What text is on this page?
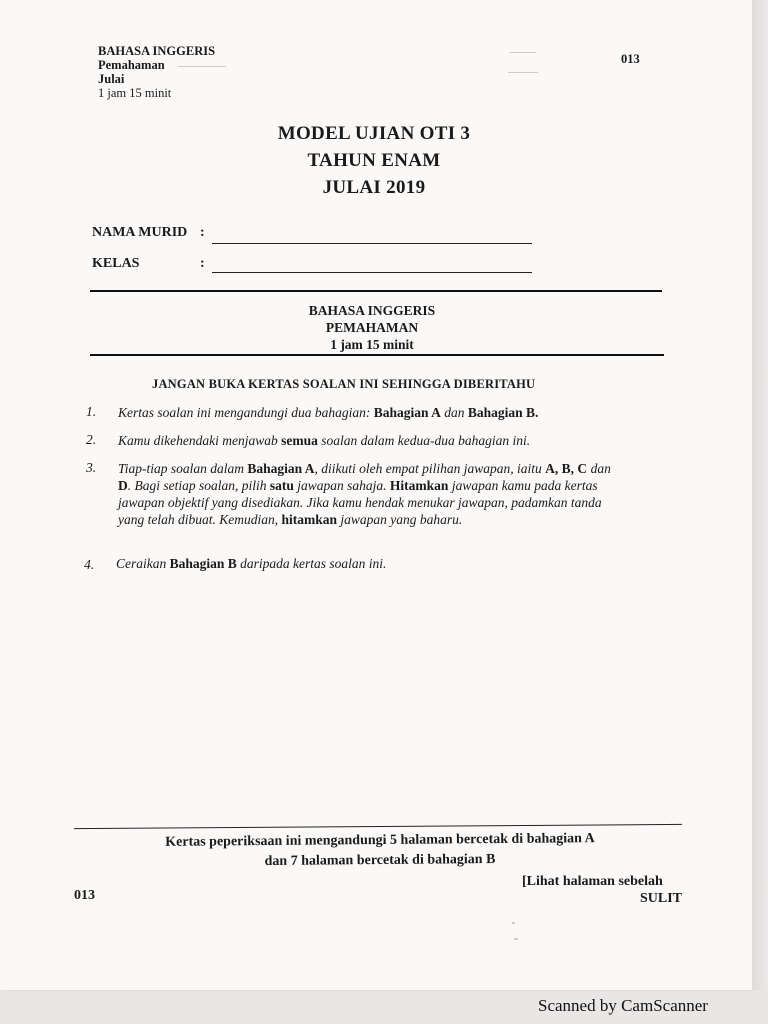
BAHASA INGGERIS
Pemahaman
Julai
1 jam 15 minit
013
MODEL UJIAN OTI 3
TAHUN ENAM
JULAI 2019
NAMA MURID :
KELAS	:
BAHASA INGGERIS
PEMAHAMAN
1 jam 15 minit
JANGAN BUKA KERTAS SOALAN INI SEHINGGA DIBERITAHU
1. Kertas soalan ini mengandungi dua bahagian: Bahagian A dan Bahagian B.
2. Kamu dikehendaki menjawab semua soalan dalam kedua-dua bahagian ini.
3. Tiap-tiap soalan dalam Bahagian A, diikuti oleh empat pilihan jawapan, iaitu A, B, C dan D. Bagi setiap soalan, pilih satu jawapan sahaja. Hitamkan jawapan kamu pada kertas jawapan objektif yang disediakan. Jika kamu hendak menukar jawapan, padamkan tanda yang telah dibuat. Kemudian, hitamkan jawapan yang baharu.
4. Ceraikan Bahagian B daripada kertas soalan ini.
Kertas peperiksaan ini mengandungi 5 halaman bercetak di bahagian A
dan 7 halaman bercetak di bahagian B
013
[Lihat halaman sebelah
SULIT
Scanned by CamScanner
